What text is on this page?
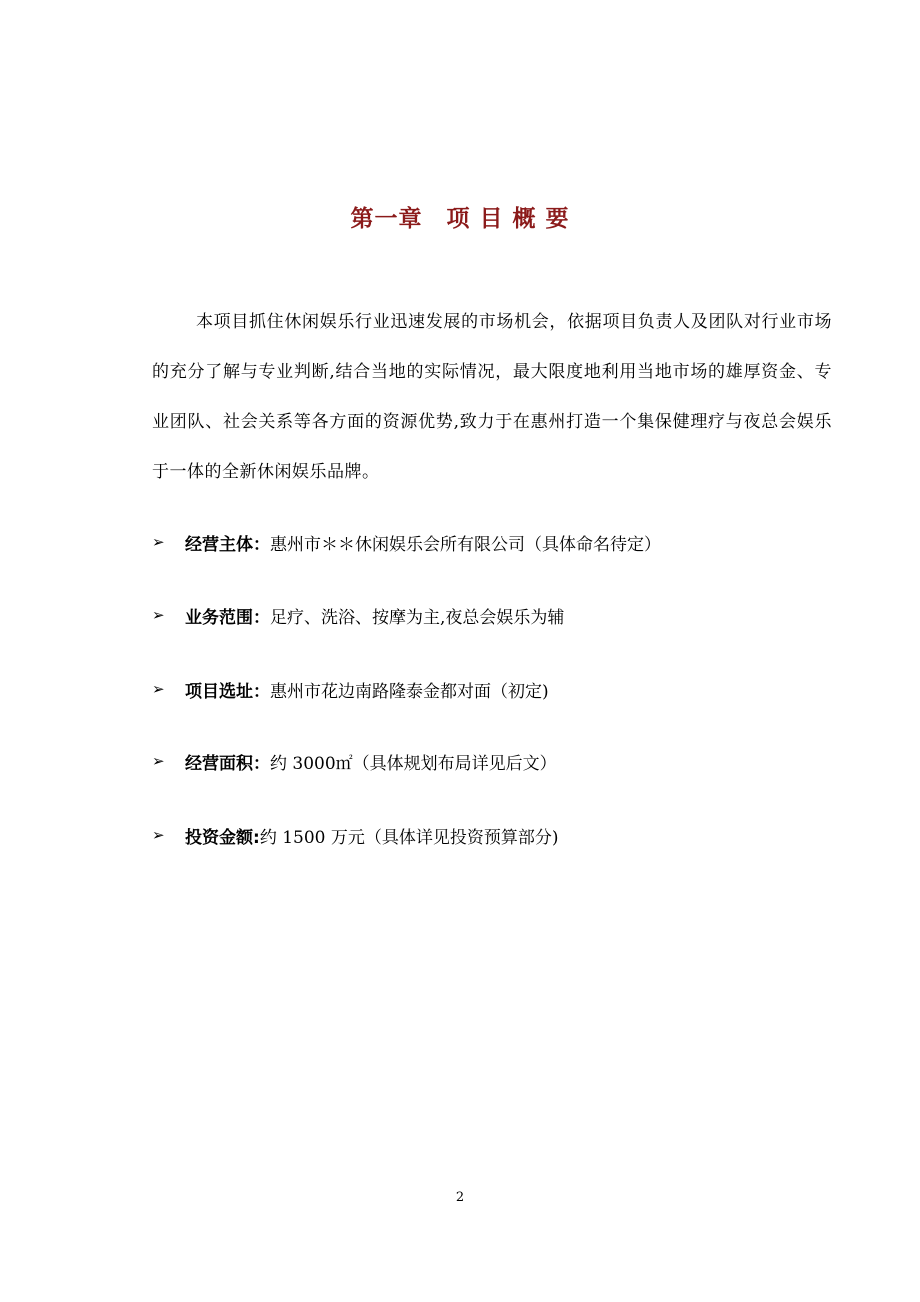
第一章　项 目 概 要

本项目抓住休闲娱乐行业迅速发展的市场机会，依据项目负责人及团队对行业市场的充分了解与专业判断,结合当地的实际情况，最大限度地利用当地市场的雄厚资金、专业团队、社会关系等各方面的资源优势,致力于在惠州打造一个集保健理疗与夜总会娱乐于一体的全新休闲娱乐品牌。

➢	经营主体： 惠州市＊＊休闲娱乐会所有限公司（具体命名待定）
➢	业务范围： 足疗、洗浴、按摩为主,夜总会娱乐为辅
➢	项目选址： 惠州市花边南路隆泰金都对面（初定)
➢	经营面积： 约 3000㎡（具体规划布局详见后文）
➢	投资金额: 约 1500 万元（具体详见投资预算部分)
2
